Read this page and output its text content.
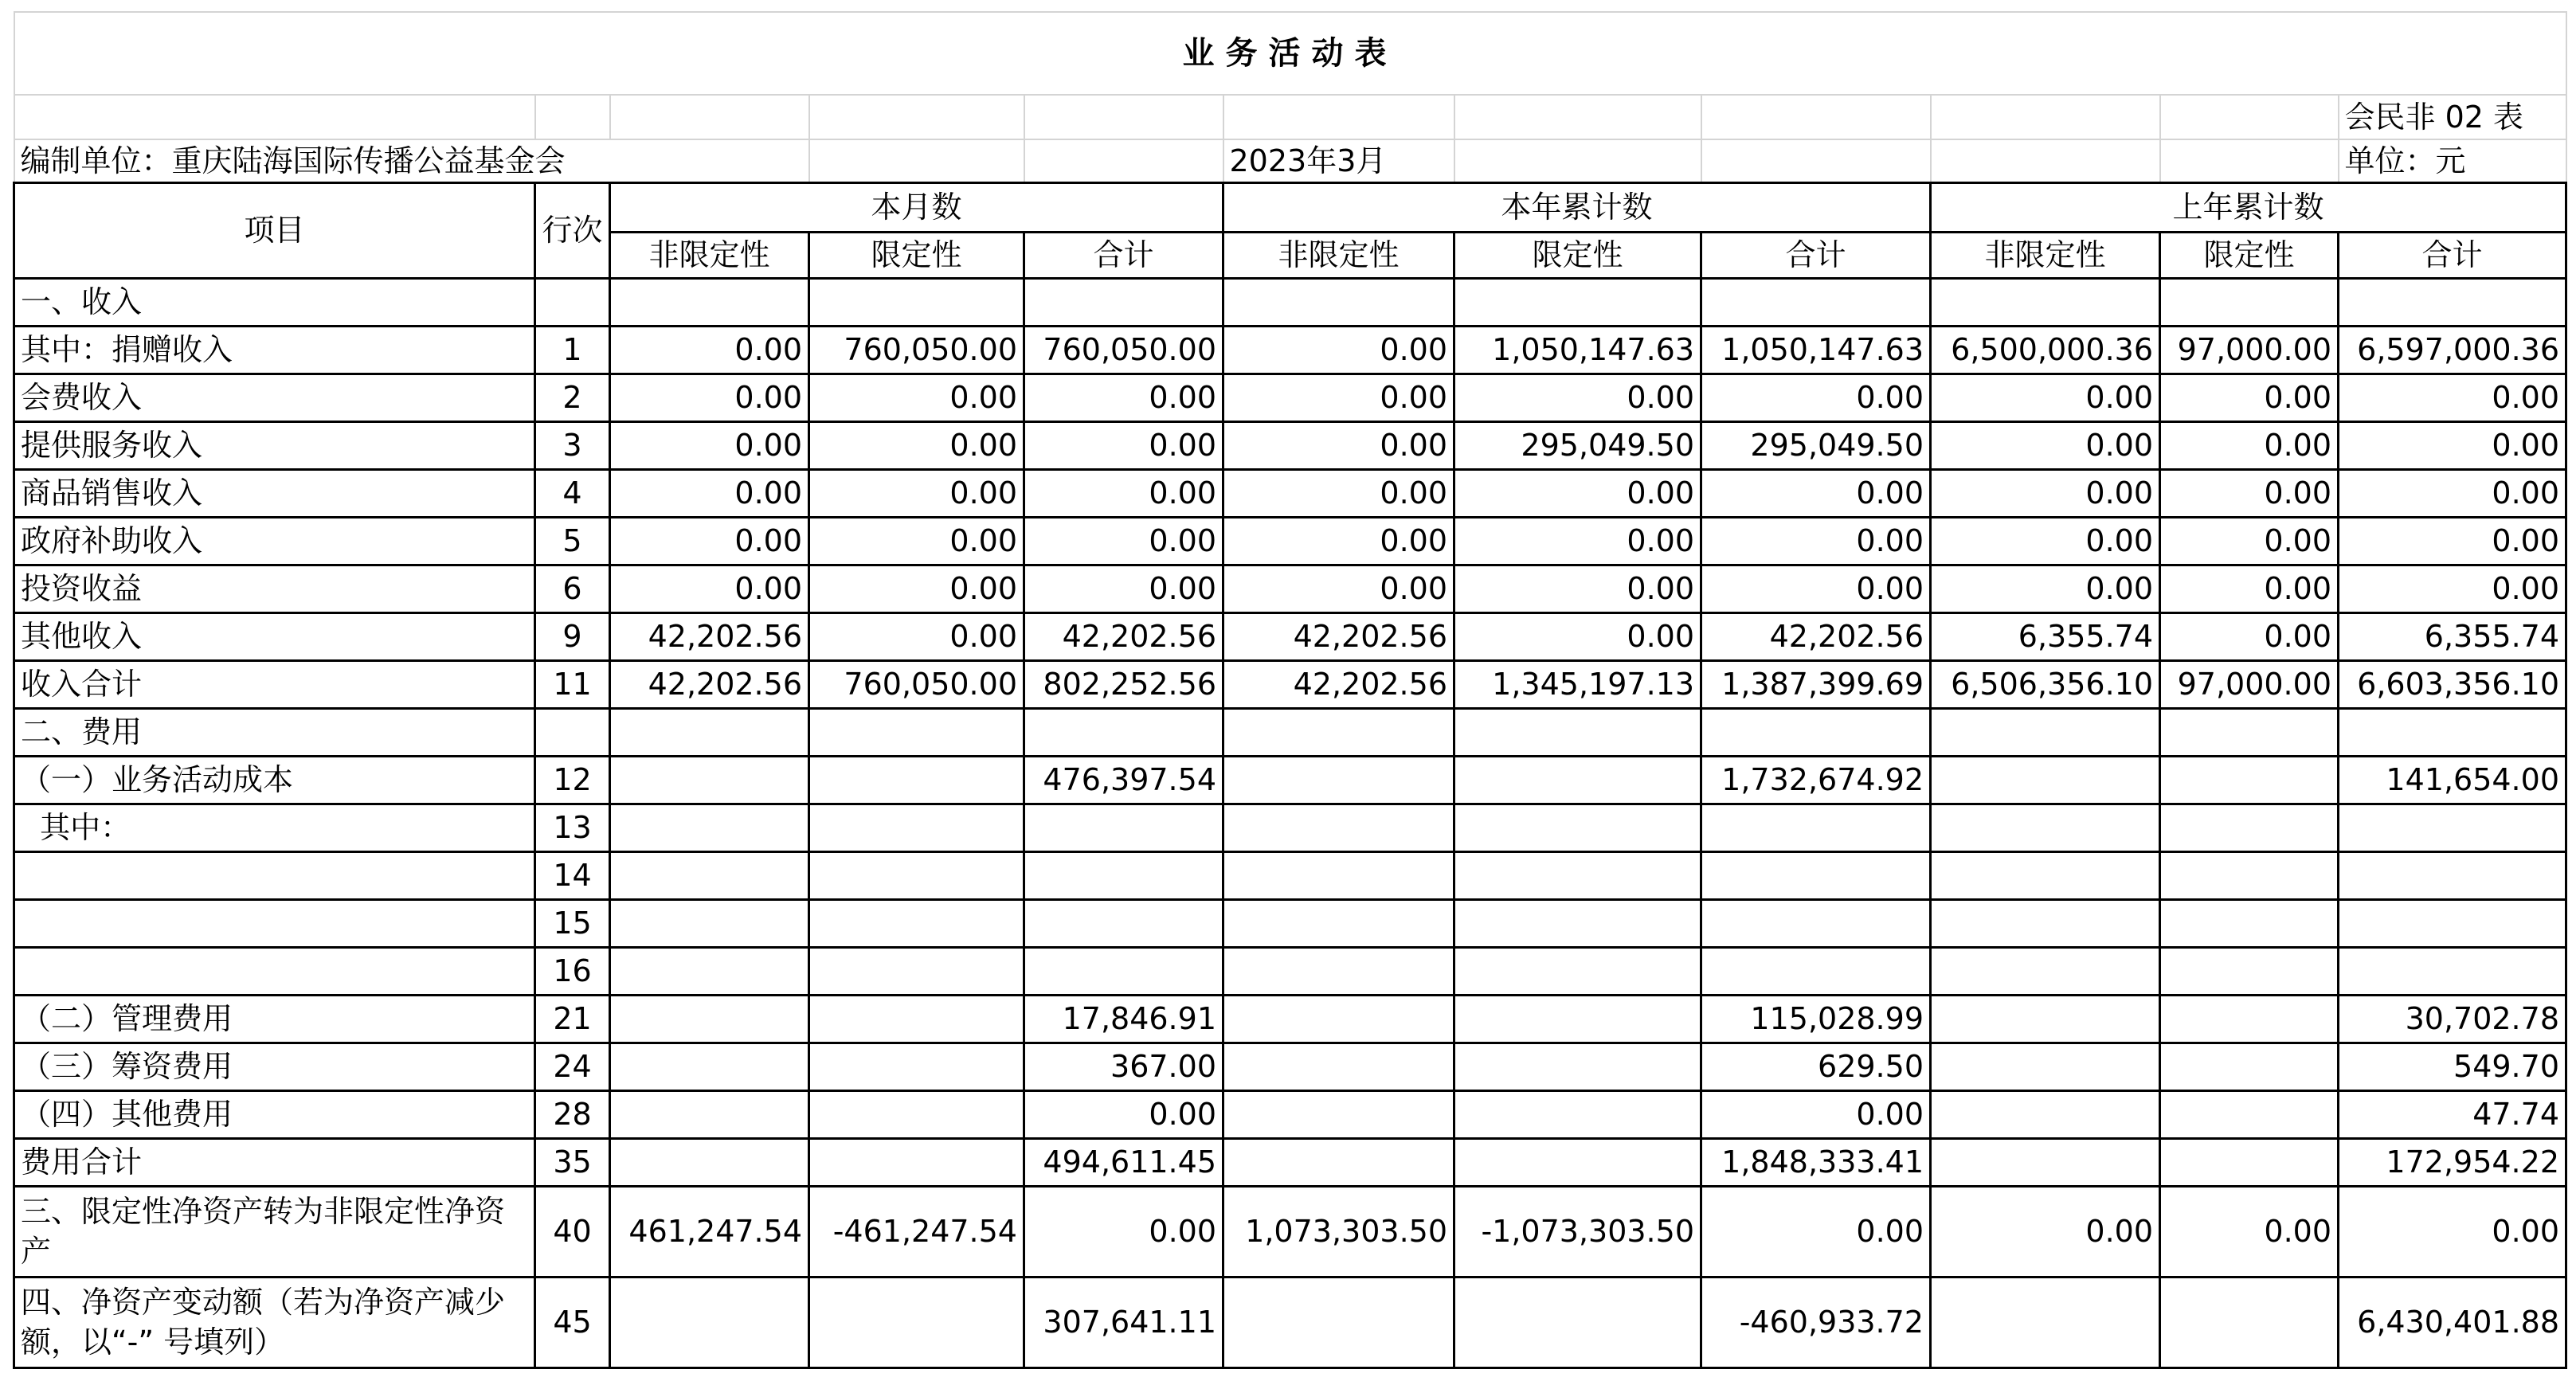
业务活动表										
										会民非 02 表
编制单位：重庆陆海国际传播公益基金会					2023年3月					单位：元
项目	行次	本月数			本年累计数			上年累计数		
		非限定性	限定性	合计	非限定性	限定性	合计	非限定性	限定性	合计
一、收入										
其中：捐赠收入	1	0.00	760,050.00	760,050.00	0.00	1,050,147.63	1,050,147.63	6,500,000.36	97,000.00	6,597,000.36
会费收入	2	0.00	0.00	0.00	0.00	0.00	0.00	0.00	0.00	0.00
提供服务收入	3	0.00	0.00	0.00	0.00	295,049.50	295,049.50	0.00	0.00	0.00
商品销售收入	4	0.00	0.00	0.00	0.00	0.00	0.00	0.00	0.00	0.00
政府补助收入	5	0.00	0.00	0.00	0.00	0.00	0.00	0.00	0.00	0.00
投资收益	6	0.00	0.00	0.00	0.00	0.00	0.00	0.00	0.00	0.00
其他收入	9	42,202.56	0.00	42,202.56	42,202.56	0.00	42,202.56	6,355.74	0.00	6,355.74
收入合计	11	42,202.56	760,050.00	802,252.56	42,202.56	1,345,197.13	1,387,399.69	6,506,356.10	97,000.00	6,603,356.10
二、费用										
（一）业务活动成本	12			476,397.54			1,732,674.92			141,654.00
其中：	13									
	14									
	15									
	16									
（二）管理费用	21			17,846.91			115,028.99			30,702.78
（三）筹资费用	24			367.00			629.50			549.70
（四）其他费用	28			0.00			0.00			47.74
费用合计	35			494,611.45			1,848,333.41			172,954.22
三、限定性净资产转为非限定性净资产	40	461,247.54	-461,247.54	0.00	1,073,303.50	-1,073,303.50	0.00	0.00	0.00	0.00
四、净资产变动额（若为净资产减少额，以“-” 号填列）	45			307,641.11			-460,933.72			6,430,401.88
